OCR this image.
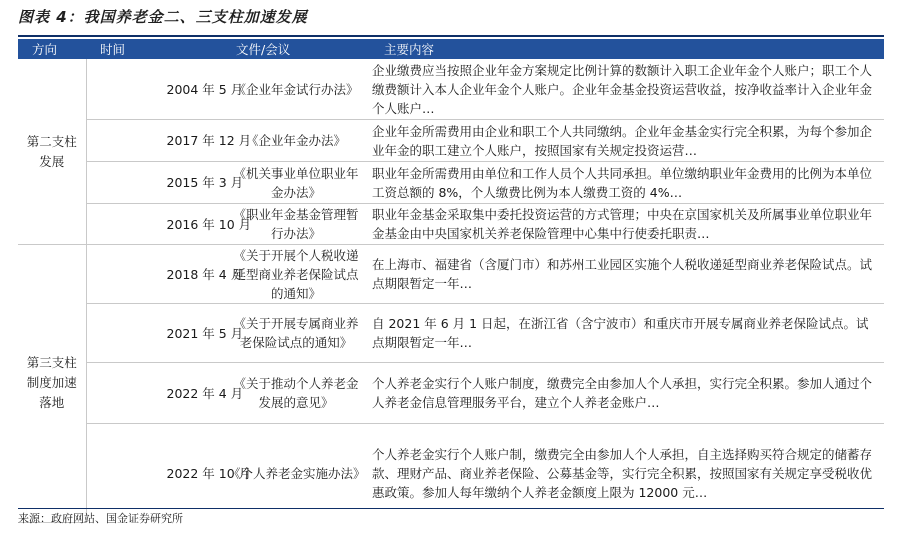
图表 4：我国养老金二、三支柱加速发展
方向	时间	文件/会议	主要内容
第二支柱发展	2004 年 5 月	《企业年金试行办法》	企业缴费应当按照企业年金方案规定比例计算的数额计入职工企业年金个人账户；职工个人缴费额计入本人企业年金个人账户。企业年金基金投资运营收益，按净收益率计入企业年金个人账户…
	2017 年 12 月	《企业年金办法》	企业年金所需费用由企业和职工个人共同缴纳。企业年金基金实行完全积累，为每个参加企业年金的职工建立个人账户，按照国家有关规定投资运营…
	2015 年 3 月	《机关事业单位职业年金办法》	职业年金所需费用由单位和工作人员个人共同承担。单位缴纳职业年金费用的比例为本单位工资总额的 8%，个人缴费比例为本人缴费工资的 4%…
	2016 年 10 月	《职业年金基金管理暂行办法》	职业年金基金采取集中委托投资运营的方式管理；中央在京国家机关及所属事业单位职业年金基金由中央国家机关养老保险管理中心集中行使委托职责…
第三支柱制度加速落地	2018 年 4 月	《关于开展个人税收递延型商业养老保险试点的通知》	在上海市、福建省（含厦门市）和苏州工业园区实施个人税收递延型商业养老保险试点。试点期限暂定一年…
	2021 年 5 月	《关于开展专属商业养老保险试点的通知》	自 2021 年 6 月 1 日起，在浙江省（含宁波市）和重庆市开展专属商业养老保险试点。试点期限暂定一年…
	2022 年 4 月	《关于推动个人养老金发展的意见》	个人养老金实行个人账户制度，缴费完全由参加人个人承担，实行完全积累。参加人通过个人养老金信息管理服务平台，建立个人养老金账户…
	2022 年 10 月	《个人养老金实施办法》	个人养老金实行个人账户制，缴费完全由参加人个人承担，自主选择购买符合规定的储蓄存款、理财产品、商业养老保险、公募基金等，实行完全积累，按照国家有关规定享受税收优惠政策。参加人每年缴纳个人养老金额度上限为 12000 元…
来源：政府网站、国金证券研究所
